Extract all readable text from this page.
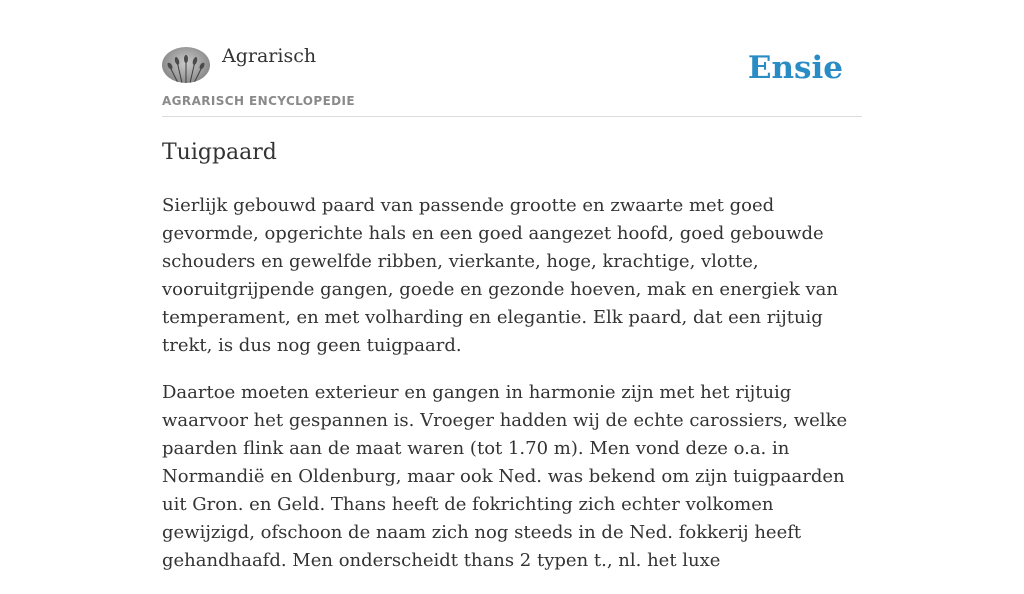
Agrarisch
AGRARISCH ENCYCLOPEDIE
Ensie
Tuigpaard

Sierlijk gebouwd paard van passende grootte en zwaarte met goed gevormde, opgerichte hals en een goed aangezet hoofd, goed gebouwde schouders en gewelfde ribben, vierkante, hoge, krachtige, vlotte, vooruitgrijpende gangen, goede en gezonde hoeven, mak en energiek van temperament, en met volharding en elegantie. Elk paard, dat een rijtuig trekt, is dus nog geen tuigpaard.

Daartoe moeten exterieur en gangen in harmonie zijn met het rijtuig waarvoor het gespannen is. Vroeger hadden wij de echte carossiers, welke paarden flink aan de maat waren (tot 1.70 m). Men vond deze o.a. in Normandië en Oldenburg, maar ook Ned. was bekend om zijn tuigpaarden uit Gron. en Geld. Thans heeft de fokrichting zich echter volkomen gewijzigd, ofschoon de naam zich nog steeds in de Ned. fokkerij heeft gehandhaafd. Men onderscheidt thans 2 typen t., nl. het luxe
